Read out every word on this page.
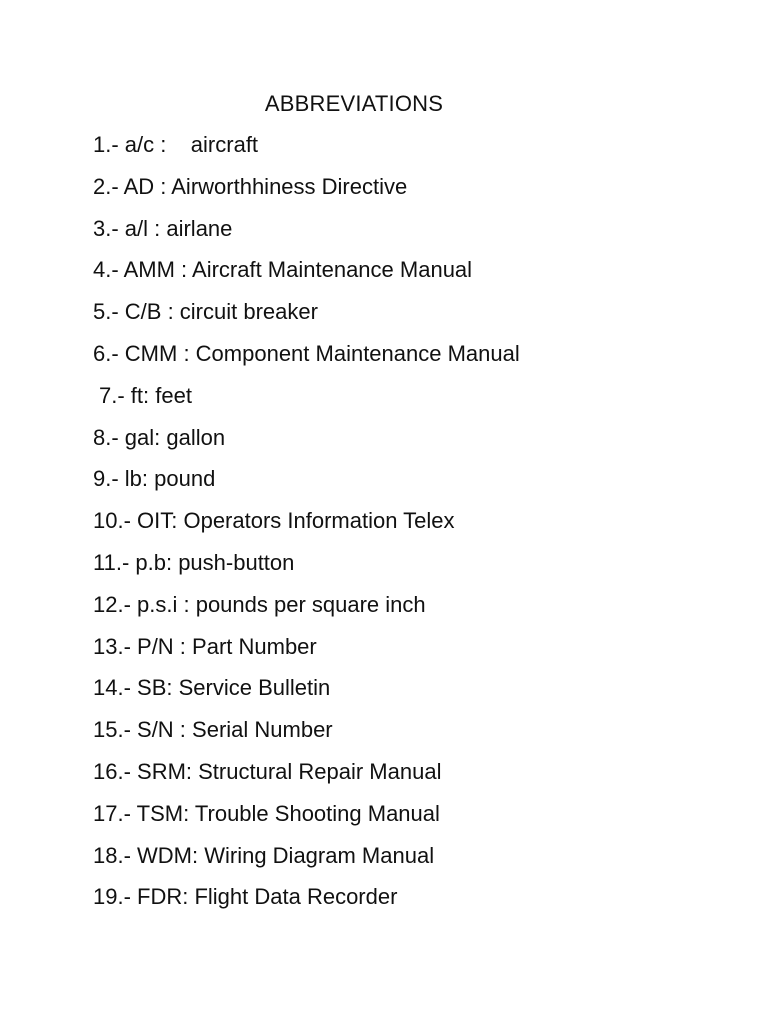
ABBREVIATIONS
1.- a/c :    aircraft
2.- AD : Airworthhiness Directive
3.- a/l : airlane
4.- AMM : Aircraft Maintenance Manual
5.- C/B : circuit breaker
6.- CMM : Component Maintenance Manual
7.- ft: feet
8.- gal: gallon
9.- lb: pound
10.- OIT: Operators Information Telex
11.- p.b: push-button
12.- p.s.i : pounds per square inch
13.- P/N : Part Number
14.- SB: Service Bulletin
15.- S/N : Serial Number
16.- SRM: Structural Repair Manual
17.- TSM: Trouble Shooting Manual
18.- WDM: Wiring Diagram Manual
19.- FDR: Flight Data Recorder
